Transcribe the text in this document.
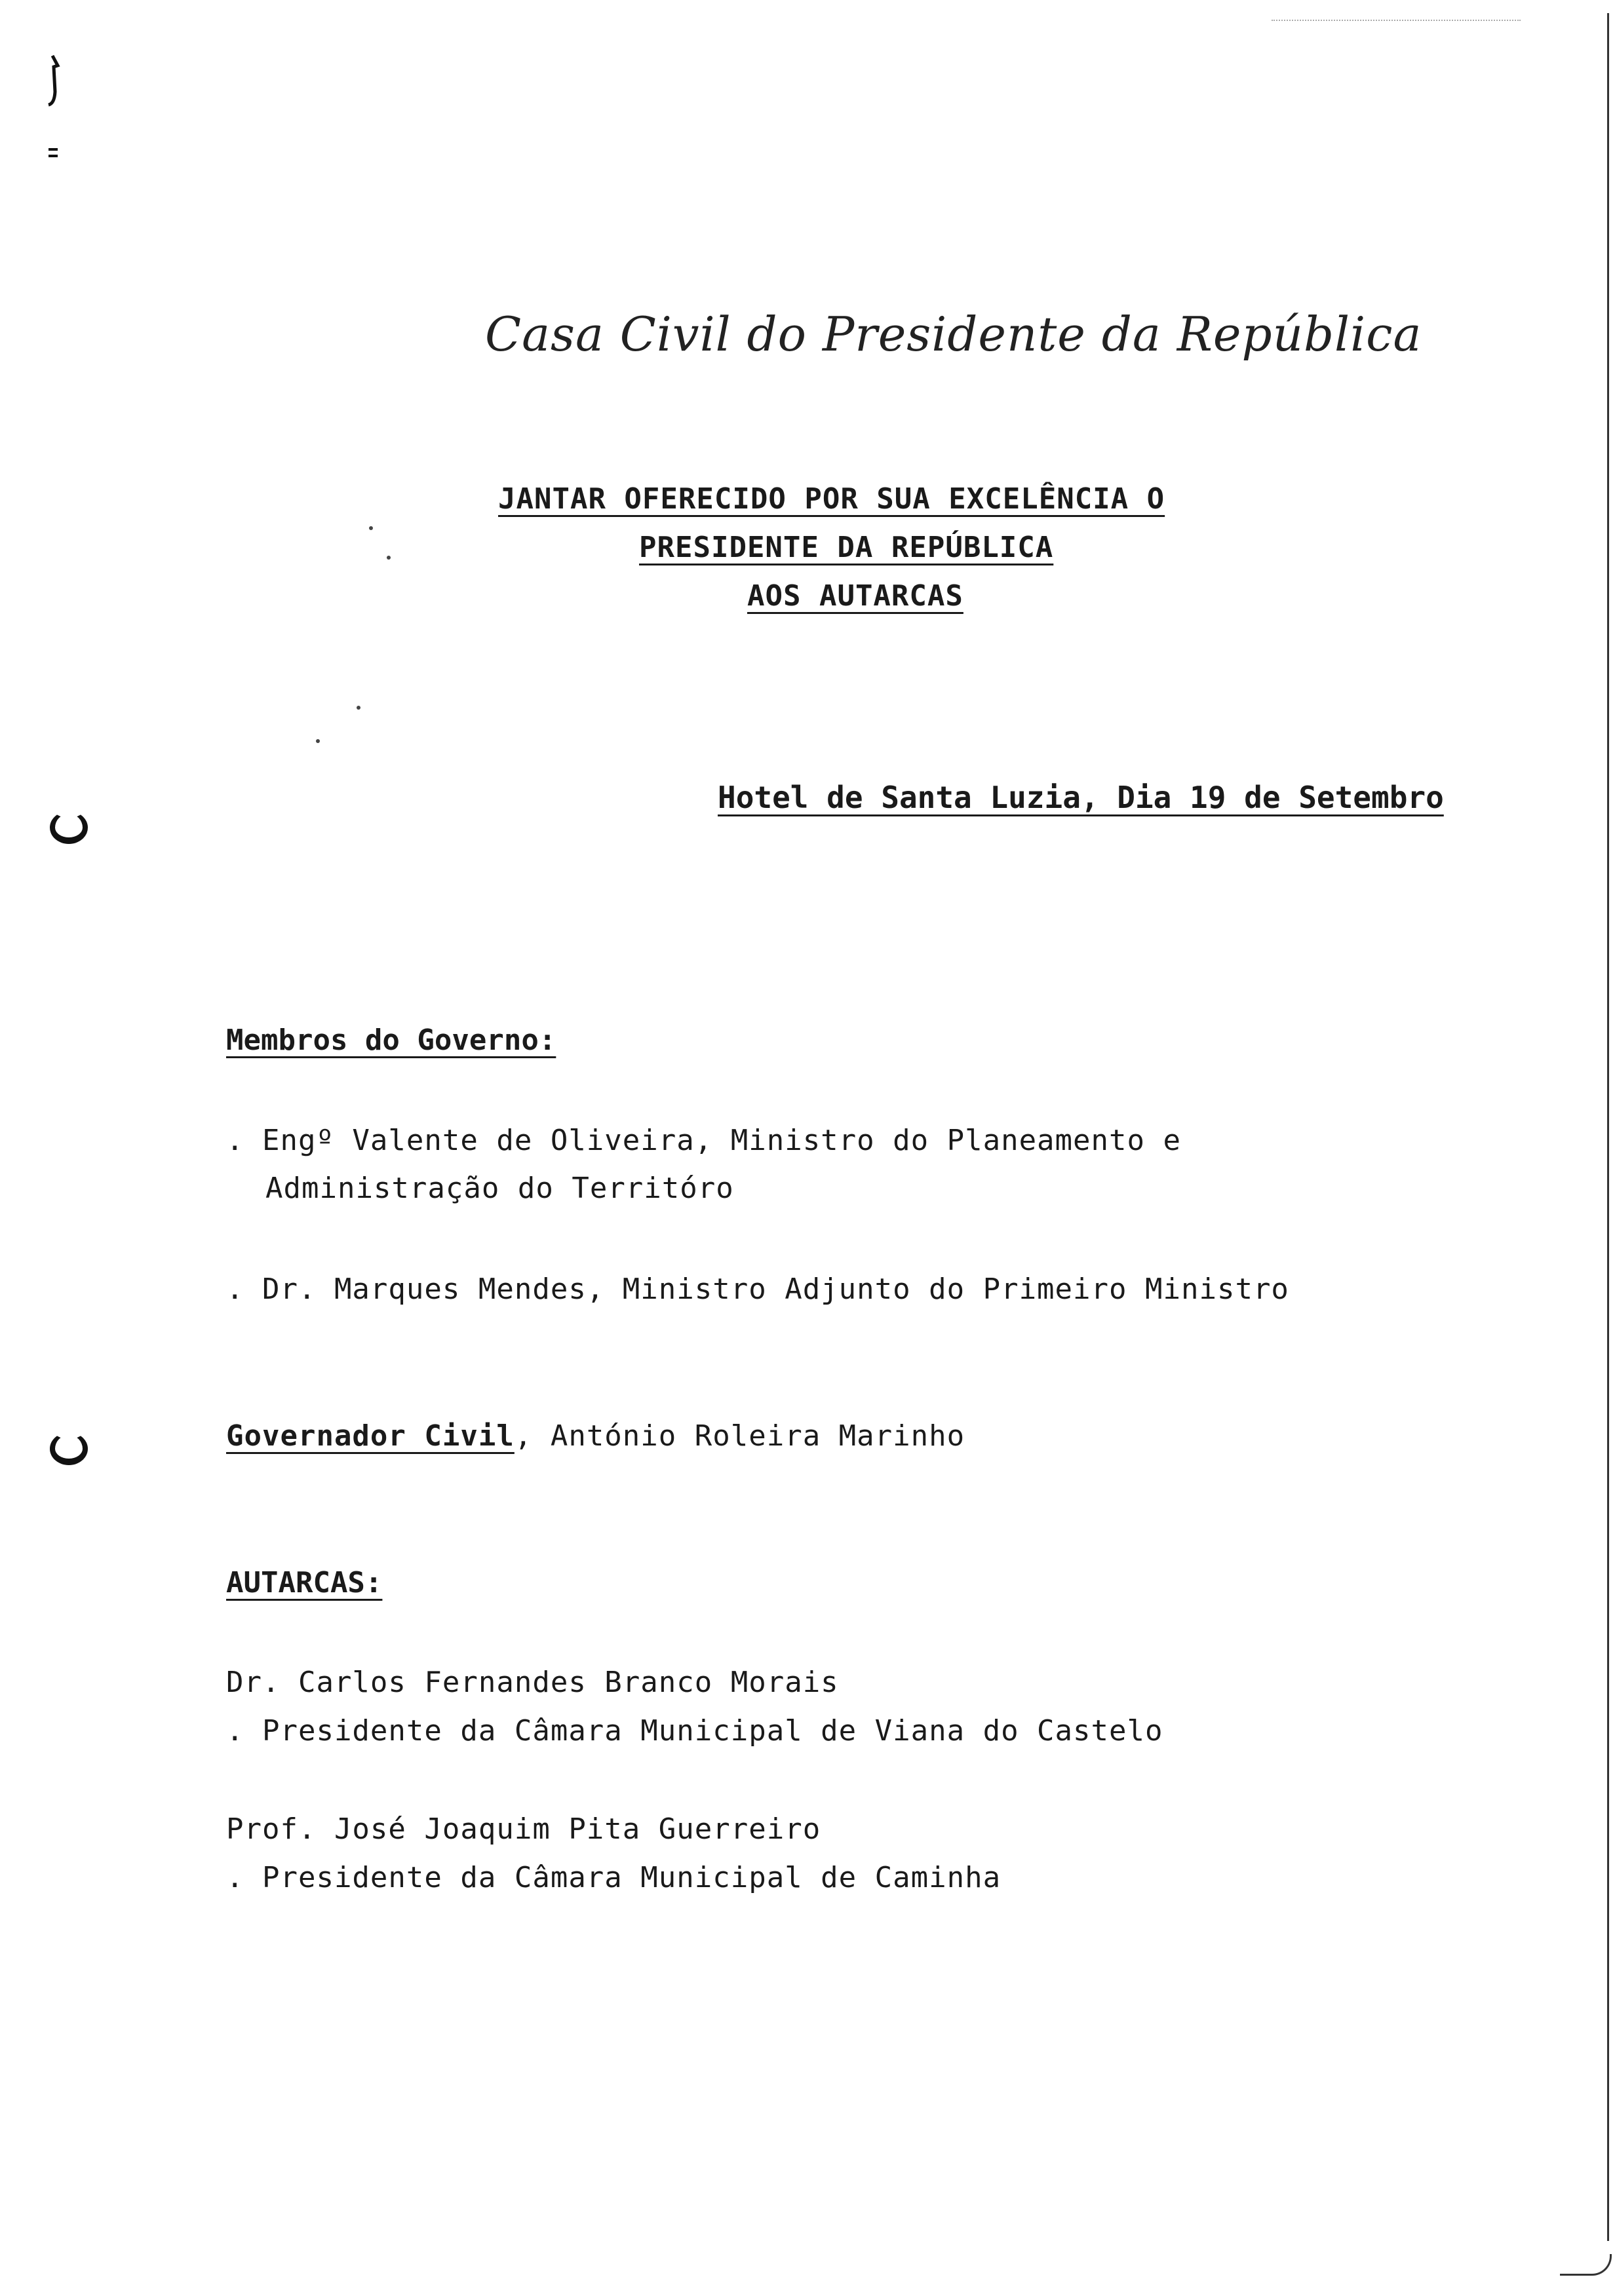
Casa Civil do Presidente da República
JANTAR OFERECIDO POR SUA EXCELÊNCIA O
PRESIDENTE DA REPÚBLICA
AOS AUTARCAS
Hotel de Santa Luzia, Dia 19 de Setembro
Membros do Governo:
. Engº Valente de Oliveira, Ministro do Planeamento e
Administração do Territóro
. Dr. Marques Mendes, Ministro Adjunto do Primeiro Ministro
Governador Civil, António Roleira Marinho
AUTARCAS:
Dr. Carlos Fernandes Branco Morais
. Presidente da Câmara Municipal de Viana do Castelo
Prof. José Joaquim Pita Guerreiro
. Presidente da Câmara Municipal de Caminha
